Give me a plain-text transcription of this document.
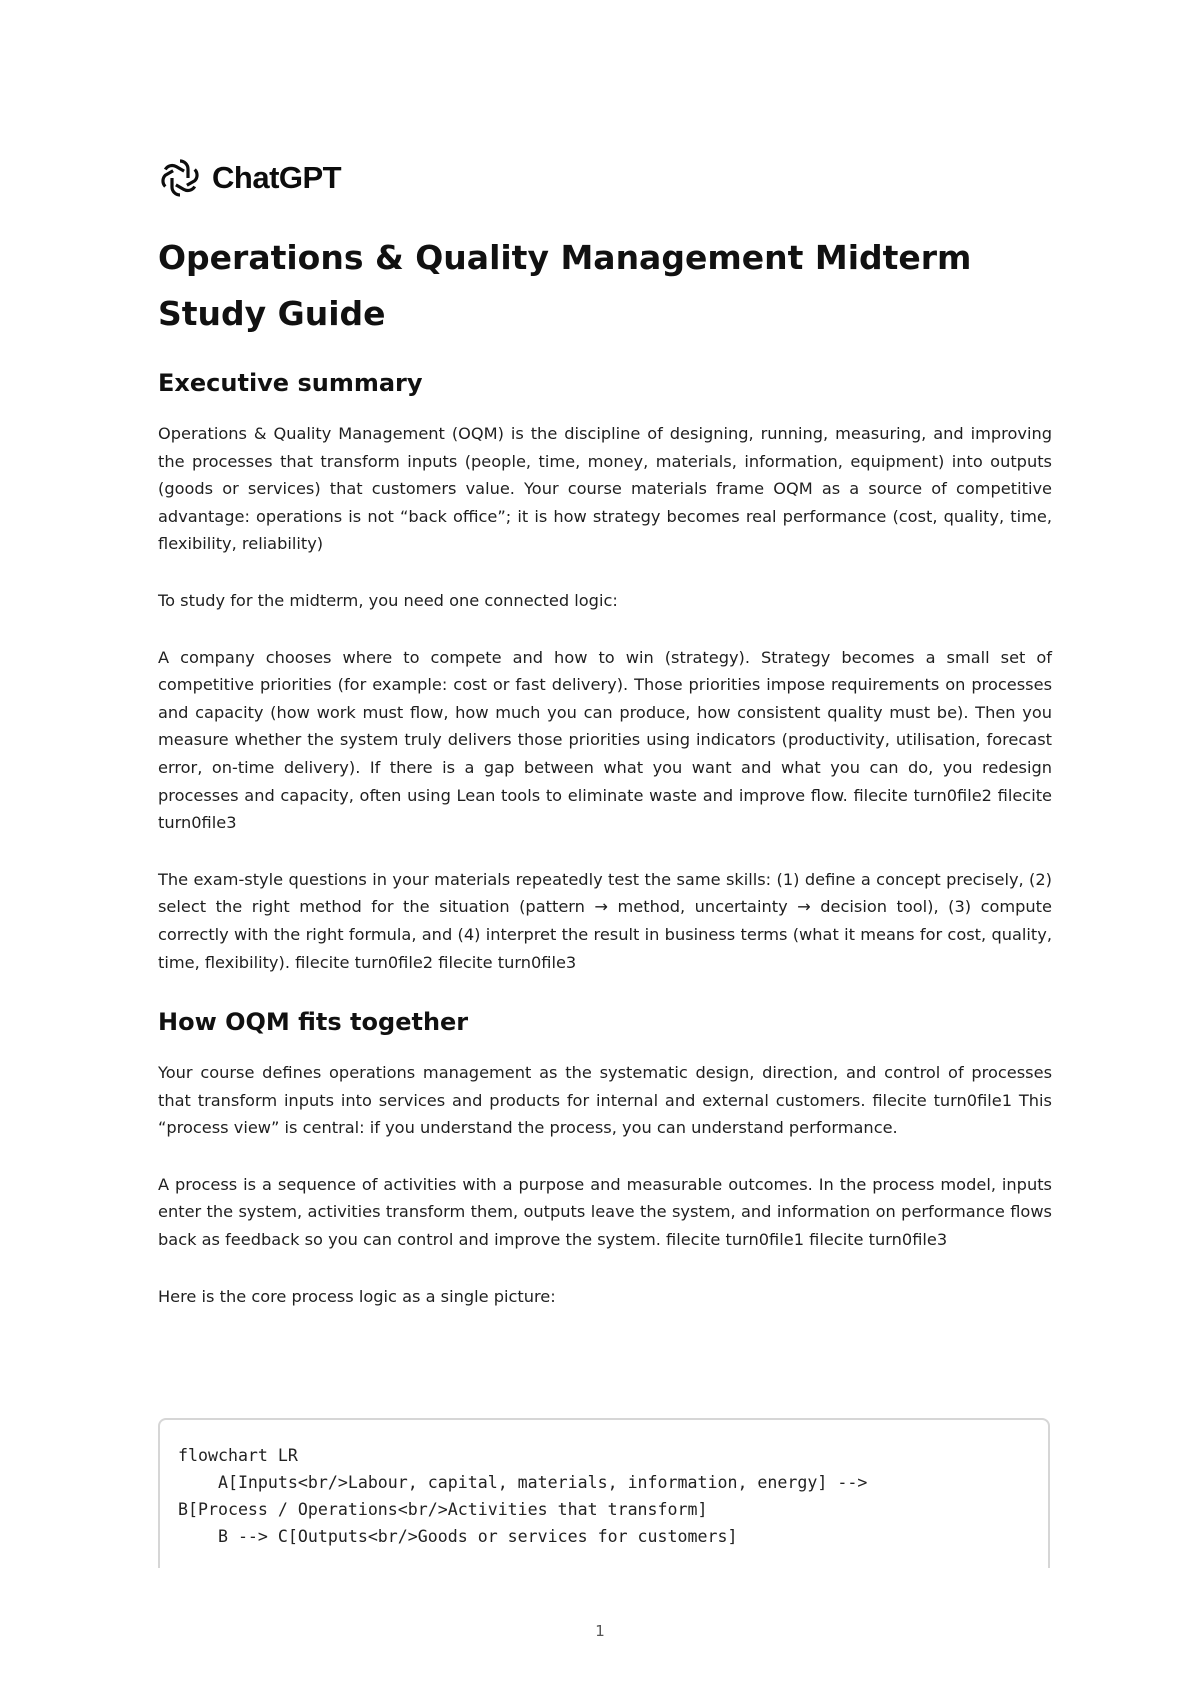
ChatGPT
Operations & Quality Management Midterm Study Guide
Executive summary

Operations & Quality Management (OQM) is the discipline of designing, running, measuring, and improving the processes that transform inputs (people, time, money, materials, information, equipment) into outputs (goods or services) that customers value. Your course materials frame OQM as a source of competitive advantage: operations is not “back office”; it is how strategy becomes real performance (cost, quality, time, flexibility, reliability)

To study for the midterm, you need one connected logic:

A company chooses where to compete and how to win (strategy). Strategy becomes a small set of competitive priorities (for example: cost or fast delivery). Those priorities impose requirements on processes and capacity (how work must flow, how much you can produce, how consistent quality must be). Then you measure whether the system truly delivers those priorities using indicators (productivity, utilisation, forecast error, on-time delivery). If there is a gap between what you want and what you can do, you redesign processes and capacity, often using Lean tools to eliminate waste and improve flow. filecite turn0file2 filecite turn0file3

The exam-style questions in your materials repeatedly test the same skills: (1) define a concept precisely, (2) select the right method for the situation (pattern → method, uncertainty → decision tool), (3) compute correctly with the right formula, and (4) interpret the result in business terms (what it means for cost, quality, time, flexibility). filecite turn0file2 filecite turn0file3

How OQM fits together

Your course defines operations management as the systematic design, direction, and control of processes that transform inputs into services and products for internal and external customers. filecite turn0file1 This “process view” is central: if you understand the process, you can understand performance.

A process is a sequence of activities with a purpose and measurable outcomes. In the process model, inputs enter the system, activities transform them, outputs leave the system, and information on performance flows back as feedback so you can control and improve the system. filecite turn0file1 filecite turn0file3

Here is the core process logic as a single picture:

flowchart LR
A[Inputs<br/>Labour, capital, materials, information, energy] -->
B[Process / Operations<br/>Activities that transform]
B --> C[Outputs<br/>Goods or services for customers]
1
